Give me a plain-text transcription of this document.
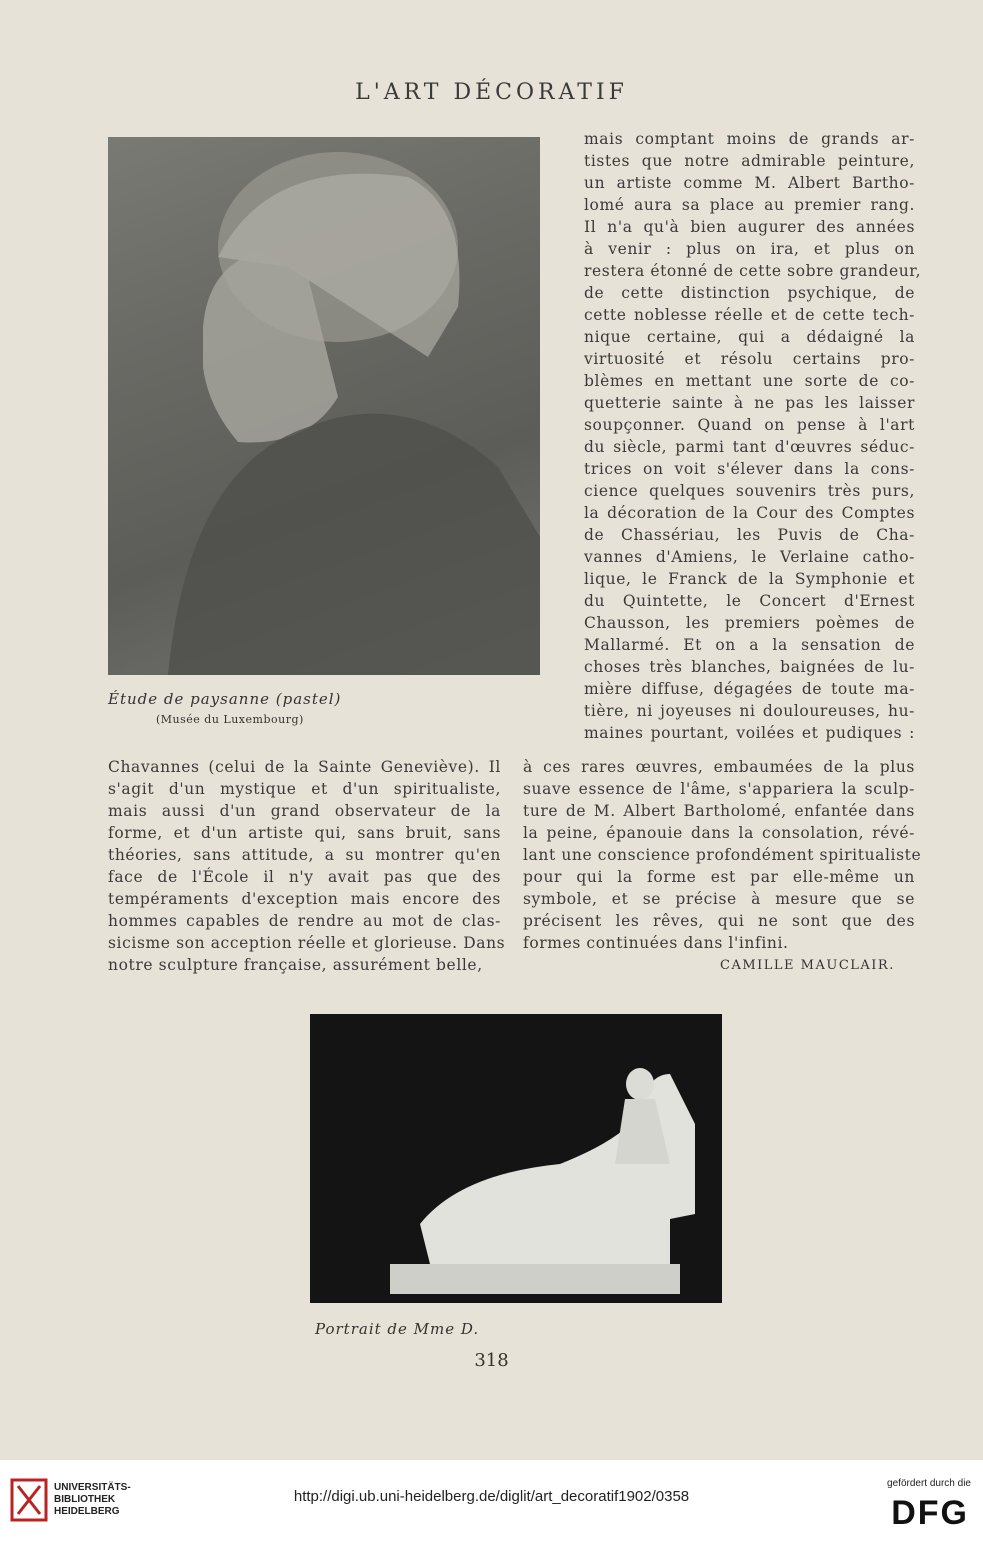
L'ART DÉCORATIF
Étude de paysanne (pastel)
(Musée du Luxembourg)
mais comptant moins de grands ar-
tistes que notre admirable peinture,
un artiste comme M. Albert Bartho-
lomé aura sa place au premier rang.
Il n'a qu'à bien augurer des années
à venir : plus on ira, et plus on
restera étonné de cette sobre grandeur,
de cette distinction psychique, de
cette noblesse réelle et de cette tech-
nique certaine, qui a dédaigné la
virtuosité et résolu certains pro-
blèmes en mettant une sorte de co-
quetterie sainte à ne pas les laisser
soupçonner. Quand on pense à l'art
du siècle, parmi tant d'œuvres séduc-
trices on voit s'élever dans la cons-
cience quelques souvenirs très purs,
la décoration de la Cour des Comptes
de Chassériau, les Puvis de Cha-
vannes d'Amiens, le Verlaine catho-
lique, le Franck de la Symphonie et
du Quintette, le Concert d'Ernest
Chausson, les premiers poèmes de
Mallarmé. Et on a la sensation de
choses très blanches, baignées de lu-
mière diffuse, dégagées de toute ma-
tière, ni joyeuses ni douloureuses, hu-
maines pourtant, voilées et pudiques :
Chavannes (celui de la Sainte Geneviève). Il
s'agit d'un mystique et d'un spiritualiste,
mais aussi d'un grand observateur de la
forme, et d'un artiste qui, sans bruit, sans
théories, sans attitude, a su montrer qu'en
face de l'École il n'y avait pas que des
tempéraments d'exception mais encore des
hommes capables de rendre au mot de clas-
sicisme son acception réelle et glorieuse. Dans
notre sculpture française, assurément belle,
à ces rares œuvres, embaumées de la plus
suave essence de l'âme, s'appariera la sculp-
ture de M. Albert Bartholomé, enfantée dans
la peine, épanouie dans la consolation, révé-
lant une conscience profondément spiritualiste
pour qui la forme est par elle-même un
symbole, et se précise à mesure que se
précisent les rêves, qui ne sont que des
formes continuées dans l'infini.
CAMILLE MAUCLAIR.
Portrait de Mme D.
318
UNIVERSITÄTS-
BIBLIOTHEK
HEIDELBERG
http://digi.ub.uni-heidelberg.de/diglit/art_decoratif1902/0358
gefördert durch die
DFG
